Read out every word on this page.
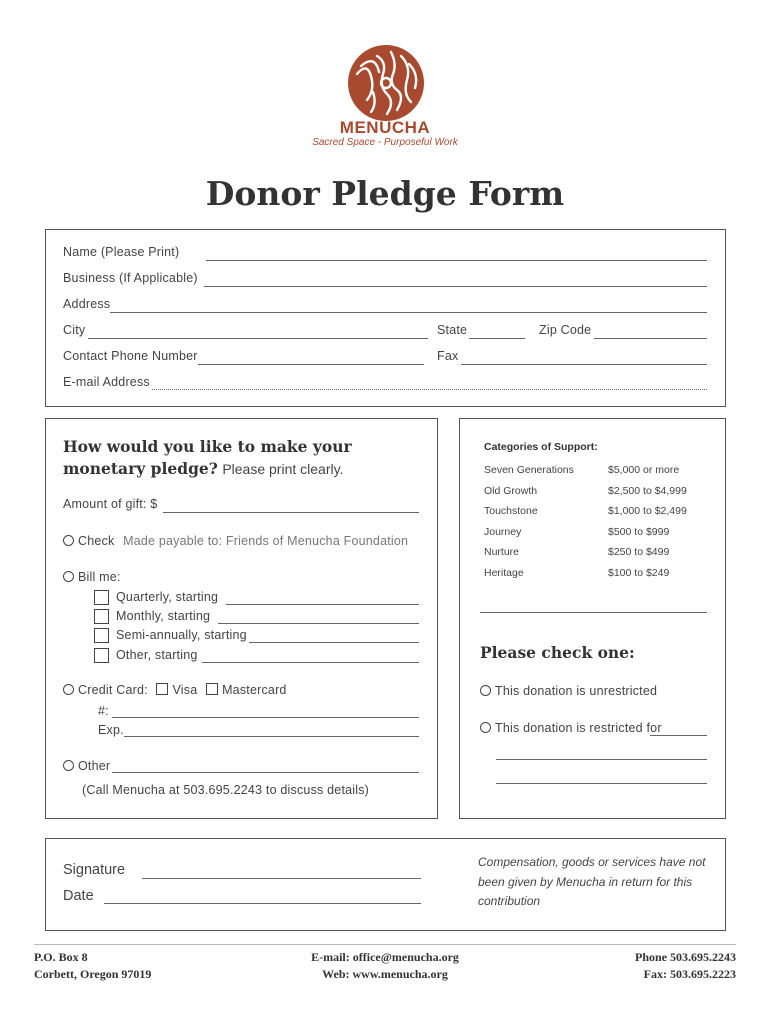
MENUCHA
Sacred Space - Purposeful Work
Donor Pledge Form
Name (Please Print)
Business (If Applicable)
Address
City	State	Zip Code
Contact Phone Number	Fax
E-mail Address
How would you like to make your
monetary pledge? Please print clearly.
Amount of gift: $
Check Made payable to: Friends of Menucha Foundation
Bill me:
Quarterly, starting
Monthly, starting
Semi-annually, starting
Other, starting
Credit Card: Visa Mastercard
#:
Exp.
Other
(Call Menucha at 503.695.2243 to discuss details)
Categories of Support:
Seven Generations	$5,000 or more
Old Growth	$2,500 to $4,999
Touchstone	$1,000 to $2,499
Journey	$500 to $999
Nurture	$250 to $499
Heritage	$100 to $249
Please check one:
This donation is unrestricted
This donation is restricted for
Signature
Date
Compensation, goods or services have not been given by Menucha in return for this contribution
P.O. Box 8
Corbett, Oregon 97019
E-mail: office@menucha.org
Web: www.menucha.org
Phone 503.695.2243
Fax: 503.695.2223
